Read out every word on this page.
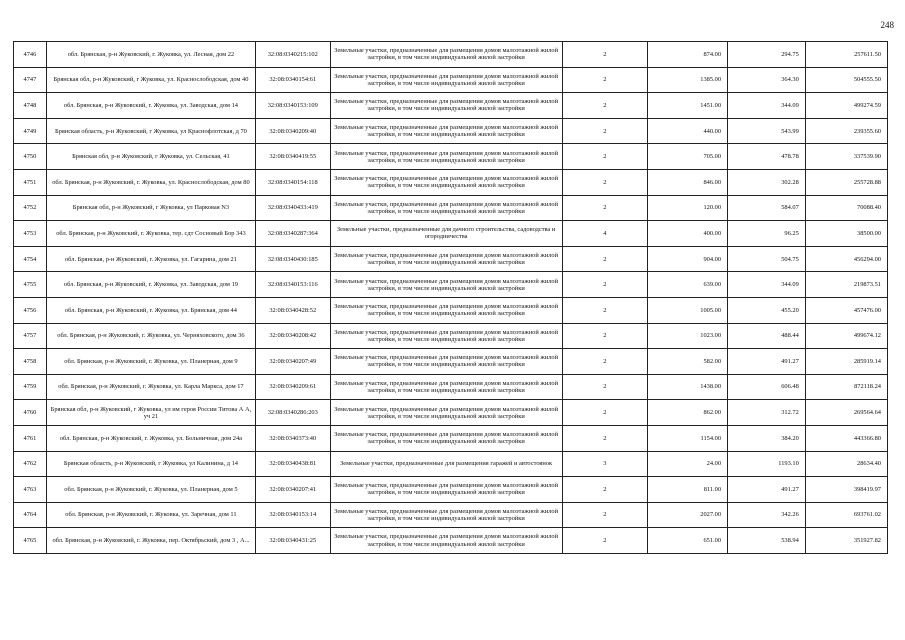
248
4746	обл. Брянская, р-н Жуковский, г. Жуковка, ул. Лесная, дом 22	32:08:0340215:102	Земельные участки, предназначенные для размещения домов малоэтажной жилой застройки, в том числе индивидуальной жилой застройки	2	874.00	294.75	257611.50
4747	Брянская обл, р-н Жуковский, г Жуковка, ул. Краснослободская, дом 40	32:08:0340154:61	Земельные участки, предназначенные для размещения домов малоэтажной жилой застройки, в том числе индивидуальной жилой застройки	2	1385.00	364.30	504555.50
4748	обл. Брянская, р-н Жуковский, г. Жуковка, ул. Заводская, дом 14	32:08:0340153:109	Земельные участки, предназначенные для размещения домов малоэтажной жилой застройки, в том числе индивидуальной жилой застройки	2	1451.00	344.09	499274.59
4749	Брянская область, р-н Жуковский, г Жуковка, ул Краснофлотская, д 70	32:08:0340209:40	Земельные участки, предназначенные для размещения домов малоэтажной жилой застройки, в том числе индивидуальной жилой застройки	2	440.00	543.99	239355.60
4750	Брянская обл, р-н Жуковский, г Жуковка, ул. Сельская, 41	32:08:0340419:55	Земельные участки, предназначенные для размещения домов малоэтажной жилой застройки, в том числе индивидуальной жилой застройки	2	705.00	478.78	337539.90
4751	обл. Брянская, р-н Жуковский, г. Жуковка, ул. Краснослободская, дом 80	32:08:0340154:118	Земельные участки, предназначенные для размещения домов малоэтажной жилой застройки, в том числе индивидуальной жилой застройки	2	846.00	302.28	255728.88
4752	Брянская обл, р-н Жуковский, г Жуковка, ул Парковая N3	32:08:0340433:419	Земельные участки, предназначенные для размещения домов малоэтажной жилой застройки, в том числе индивидуальной жилой застройки	2	120.00	584.07	70088.40
4753	обл. Брянская, р-н Жуковский, г. Жуковка, тер. сдт Сосновый Бор 343	32:08:0340287:364	Земельные участки, предназначенные для дачного строительства, садоводства и огородничества	4	400.00	96.25	38500.00
4754	обл. Брянская, р-н Жуковский, г. Жуковка, ул. Гагарина, дом 21	32:08:0340430:185	Земельные участки, предназначенные для размещения домов малоэтажной жилой застройки, в том числе индивидуальной жилой застройки	2	904.00	504.75	456294.00
4755	обл. Брянская, р-н Жуковский, г. Жуковка, ул. Заводская, дом 19	32:08:0340153:116	Земельные участки, предназначенные для размещения домов малоэтажной жилой застройки, в том числе индивидуальной жилой застройки	2	639.00	344.09	219873.51
4756	обл. Брянская, р-н Жуковский, г. Жуковка, ул. Брянская, дом 44	32:08:0340428:52	Земельные участки, предназначенные для размещения домов малоэтажной жилой застройки, в том числе индивидуальной жилой застройки	2	1005.00	455.20	457476.00
4757	обл. Брянская, р-н Жуковский, г. Жуковка, ул. Черняховского, дом 36	32:08:0340208:42	Земельные участки, предназначенные для размещения домов малоэтажной жилой застройки, в том числе индивидуальной жилой застройки	2	1023.00	488.44	499674.12
4758	обл. Брянская, р-н Жуковский, г. Жуковка, ул. Планерная, дом 9	32:08:0340207:49	Земельные участки, предназначенные для размещения домов малоэтажной жилой застройки, в том числе индивидуальной жилой застройки	2	582.00	491.27	285919.14
4759	обл. Брянская, р-н Жуковский, г. Жуковка, ул. Карла Маркса, дом 17	32:08:0340209:61	Земельные участки, предназначенные для размещения домов малоэтажной жилой застройки, в том числе индивидуальной жилой застройки	2	1438.00	606.48	872118.24
4760	Брянская обл, р-н Жуковский, г Жуковка, ул им героя России Титова А А, уч 21	32:08:0340286:203	Земельные участки, предназначенные для размещения домов малоэтажной жилой застройки, в том числе индивидуальной жилой застройки	2	862.00	312.72	269564.64
4761	обл. Брянская, р-н Жуковский, г. Жуковка, ул. Больничная, дом 24а	32:08:0340373:40	Земельные участки, предназначенные для размещения домов малоэтажной жилой застройки, в том числе индивидуальной жилой застройки	2	1154.00	384.20	443366.80
4762	Брянская область, р-н Жуковский, г Жуковка, ул Калинина, д 14	32:08:0340438:81	Земельные участки, предназначенные для размещения гаражей и автостоянок	3	24.00	1193.10	28634.40
4763	обл. Брянская, р-н Жуковский, г. Жуковка, ул. Планерная, дом 5	32:08:0340207:41	Земельные участки, предназначенные для размещения домов малоэтажной жилой застройки, в том числе индивидуальной жилой застройки	2	811.00	491.27	398419.97
4764	обл. Брянская, р-н Жуковский, г. Жуковка, ул. Заречная, дом 11	32:08:0340153:14	Земельные участки, предназначенные для размещения домов малоэтажной жилой застройки, в том числе индивидуальной жилой застройки	2	2027.00	342.26	693761.02
4765	обл. Брянская, р-н Жуковский, г. Жуковка, пер. Октябрьский, дом 3 , А...	32:08:0340431:25	Земельные участки, предназначенные для размещения домов малоэтажной жилой застройки, в том числе индивидуальной жилой застройки	2	651.00	538.94	351927.82
